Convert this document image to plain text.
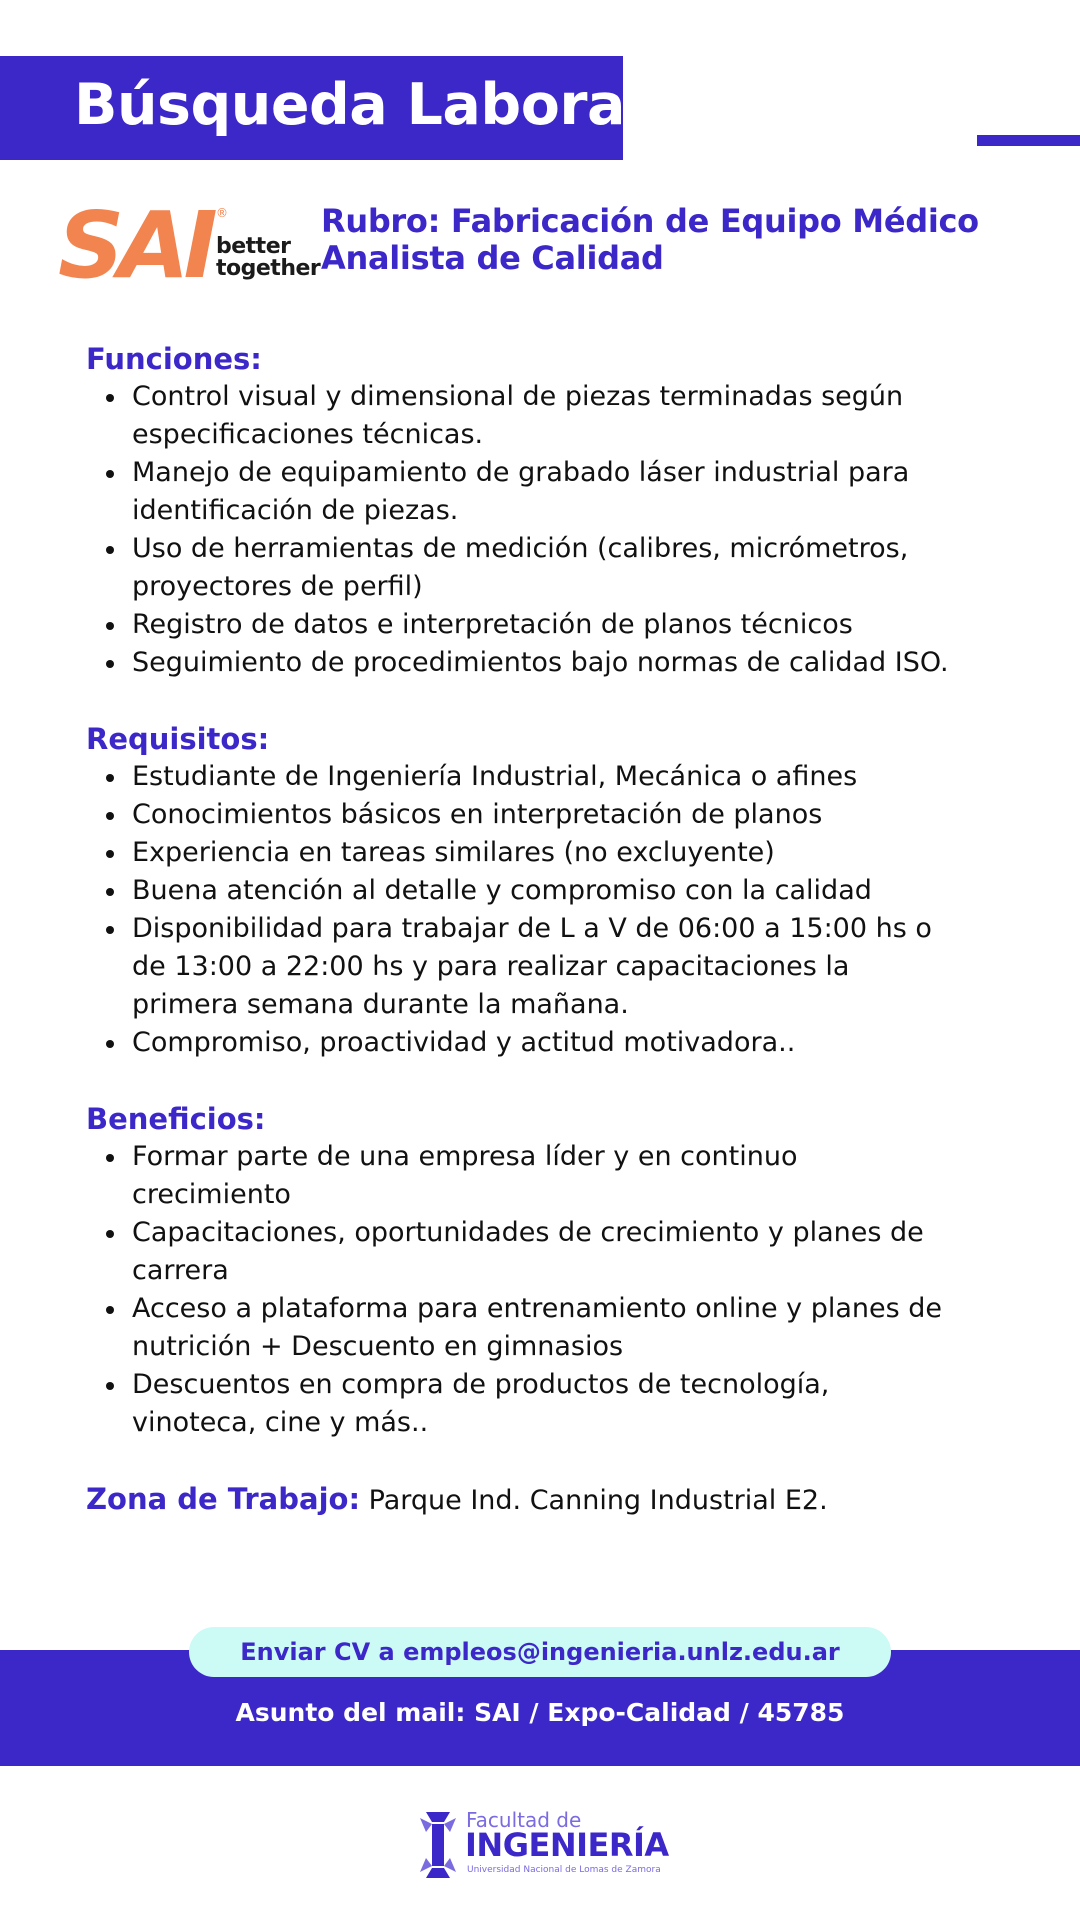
Búsqueda Laboral
SAI ®
better
together
Rubro: Fabricación de Equipo Médico
Analista de Calidad
Funciones:
Control visual y dimensional de piezas terminadas según especificaciones técnicas.
Manejo de equipamiento de grabado láser industrial para identificación de piezas.
Uso de herramientas de medición (calibres, micrómetros, proyectores de perfil)
Registro de datos e interpretación de planos técnicos
Seguimiento de procedimientos bajo normas de calidad ISO.
Requisitos:
Estudiante de Ingeniería Industrial, Mecánica o afines
Conocimientos básicos en interpretación de planos
Experiencia en tareas similares (no excluyente)
Buena atención al detalle y compromiso con la calidad
Disponibilidad para trabajar de L a V de 06:00 a 15:00 hs o de 13:00 a 22:00 hs y para realizar capacitaciones la primera semana durante la mañana.
Compromiso, proactividad y actitud motivadora..
Beneficios:
Formar parte de una empresa líder y en continuo crecimiento
Capacitaciones, oportunidades de crecimiento y planes de carrera
Acceso a plataforma para entrenamiento online y planes de nutrición + Descuento en gimnasios
Descuentos en compra de productos de tecnología, vinoteca, cine y más..
Zona de Trabajo: Parque Ind. Canning Industrial E2.
Enviar CV a empleos@ingenieria.unlz.edu.ar
Asunto del mail: SAI / Expo-Calidad / 45785
Facultad de
INGENIERÍA
Universidad Nacional de Lomas de Zamora
